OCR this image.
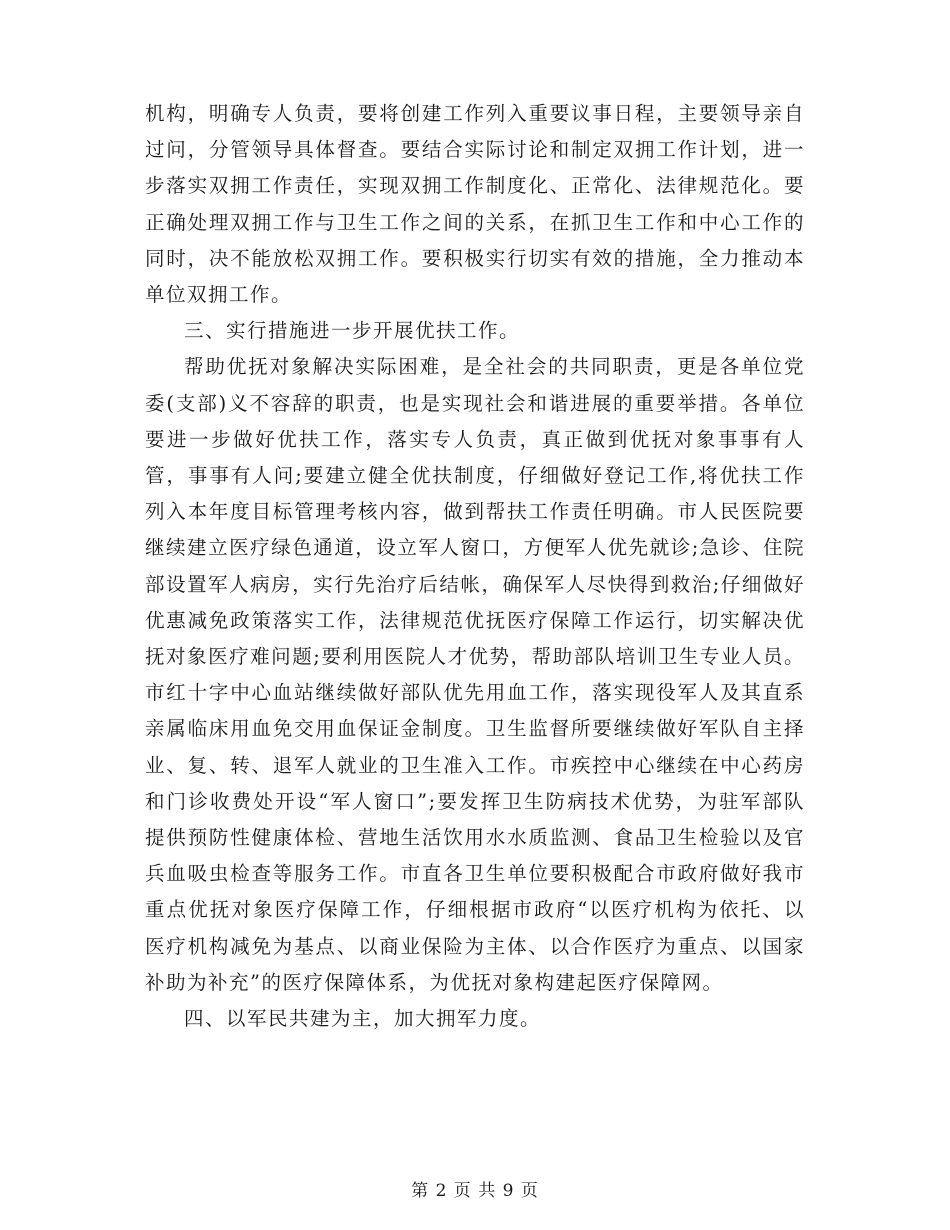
机构，明确专人负责，要将创建工作列入重要议事日程，主要领导亲自过问，分管领导具体督查。要结合实际讨论和制定双拥工作计划，进一步落实双拥工作责任，实现双拥工作制度化、正常化、法律规范化。要正确处理双拥工作与卫生工作之间的关系，在抓卫生工作和中心工作的同时，决不能放松双拥工作。要积极实行切实有效的措施，全力推动本单位双拥工作。

三、实行措施进一步开展优扶工作。

帮助优抚对象解决实际困难，是全社会的共同职责，更是各单位党委(支部)义不容辞的职责，也是实现社会和谐进展的重要举措。各单位要进一步做好优扶工作，落实专人负责，真正做到优抚对象事事有人管，事事有人问;要建立健全优扶制度，仔细做好登记工作,将优扶工作列入本年度目标管理考核内容，做到帮扶工作责任明确。市人民医院要继续建立医疗绿色通道，设立军人窗口，方便军人优先就诊;急诊、住院部设置军人病房，实行先治疗后结帐，确保军人尽快得到救治;仔细做好优惠减免政策落实工作，法律规范优抚医疗保障工作运行，切实解决优抚对象医疗难问题;要利用医院人才优势，帮助部队培训卫生专业人员。市红十字中心血站继续做好部队优先用血工作，落实现役军人及其直系亲属临床用血免交用血保证金制度。卫生监督所要继续做好军队自主择业、复、转、退军人就业的卫生准入工作。市疾控中心继续在中心药房和门诊收费处开设“军人窗口”;要发挥卫生防病技术优势，为驻军部队提供预防性健康体检、营地生活饮用水水质监测、食品卫生检验以及官兵血吸虫检查等服务工作。市直各卫生单位要积极配合市政府做好我市重点优抚对象医疗保障工作，仔细根据市政府“以医疗机构为依托、以医疗机构减免为基点、以商业保险为主体、以合作医疗为重点、以国家补助为补充”的医疗保障体系，为优抚对象构建起医疗保障网。

四、以军民共建为主，加大拥军力度。

第 2 页 共 9 页
